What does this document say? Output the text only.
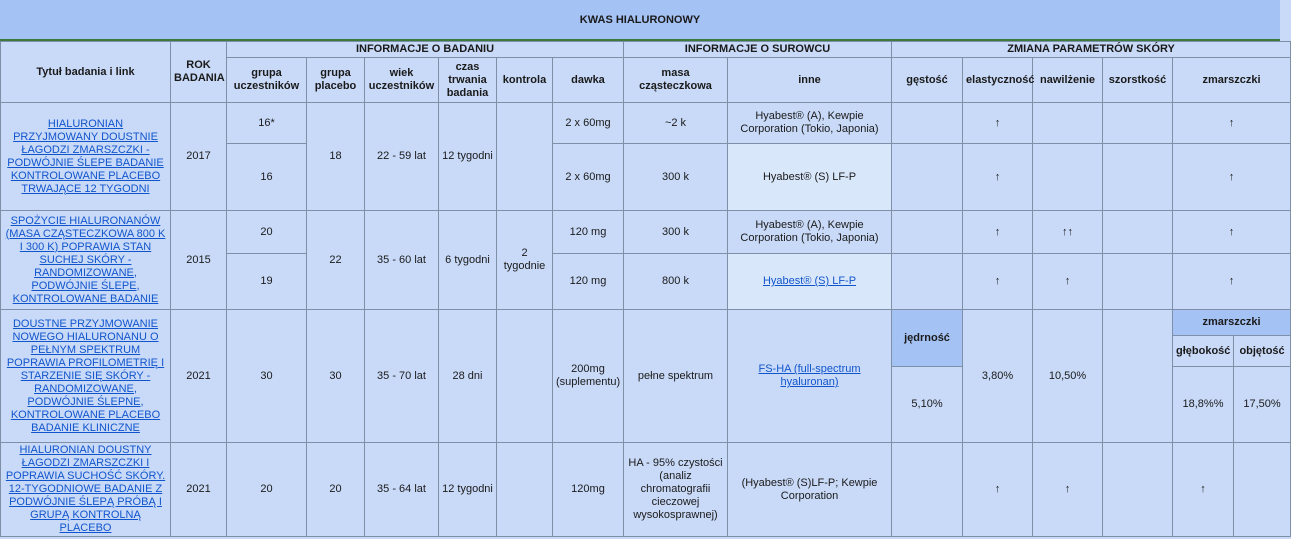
KWAS HIALURONOWY
Tytuł badania i link	ROK BADANIA	INFORMACJE O BADANIU						INFORMACJE O SUROWCU		ZMIANA PARAMETRÓW SKÓRY					
		grupa uczestników	grupa placebo	wiek uczestników	czas trwania badania	kontrola	dawka	masa cząsteczkowa	inne	gęstość	elastyczność	nawilżenie	szorstkość	zmarszczki	

HIALURONIAN PRZYJMOWANY DOUSTNIE ŁAGODZI ZMARSZCZKI - PODWÓJNIE ŚLEPE BADANIE KONTROLOWANE PLACEBO TRWAJĄCE 12 TYGODNI	2017	16*	18	22 - 59 lat	12 tygodni		2 x 60mg	~2 k	Hyabest® (A), Kewpie Corporation (Tokio, Japonia)		↑			↑	
		16					2 x 60mg	300 k	Hyabest® (S) LF-P		↑			↑	

SPOŻYCIE HIALURONANÓW (MASA CZĄSTECZKOWA 800 K I 300 K) POPRAWIA STAN SUCHEJ SKÓRY - RANDOMIZOWANE, PODWÓJNIE ŚLEPE, KONTROLOWANE BADANIE	2015	20	22	35 - 60 lat	6 tygodni	2 tygodnie	120 mg	300 k	Hyabest® (A), Kewpie Corporation (Tokio, Japonia)		↑	↑↑		↑	
		19					120 mg	800 k	Hyabest® (S) LF-P		↑	↑		↑	

DOUSTNE PRZYJMOWANIE NOWEGO HIALURONANU O PEŁNYM SPEKTRUM POPRAWIA PROFILOMETRIĘ I STARZENIE SIĘ SKÓRY - RANDOMIZOWANE, PODWÓJNIE ŚLEPNE, KONTROLOWANE PLACEBO BADANIE KLINICZNE	2021	30	30	35 - 70 lat	28 dni		200mg (suplementu)	pełne spektrum	FS-HA (full-spectrum hyaluronan)	jędrność	3,80%	10,50%		zmarszczki	
														głębokość	objętość
										5,10%				18,8%%	17,50%

HIALURONIAN DOUSTNY ŁAGODZI ZMARSZCZKI I POPRAWIA SUCHOŚĆ SKÓRY. 12-TYGODNIOWE BADANIE Z PODWÓJNIE ŚLEPĄ PRÓBĄ I GRUPĄ KONTROLNĄ PLACEBO	2021	20	20	35 - 64 lat	12 tygodni		120mg	HA - 95% czystości (analiz chromatografii cieczowej wysokosprawnej)	(Hyabest® (S)LF-P; Kewpie Corporation		↑	↑		↑	
